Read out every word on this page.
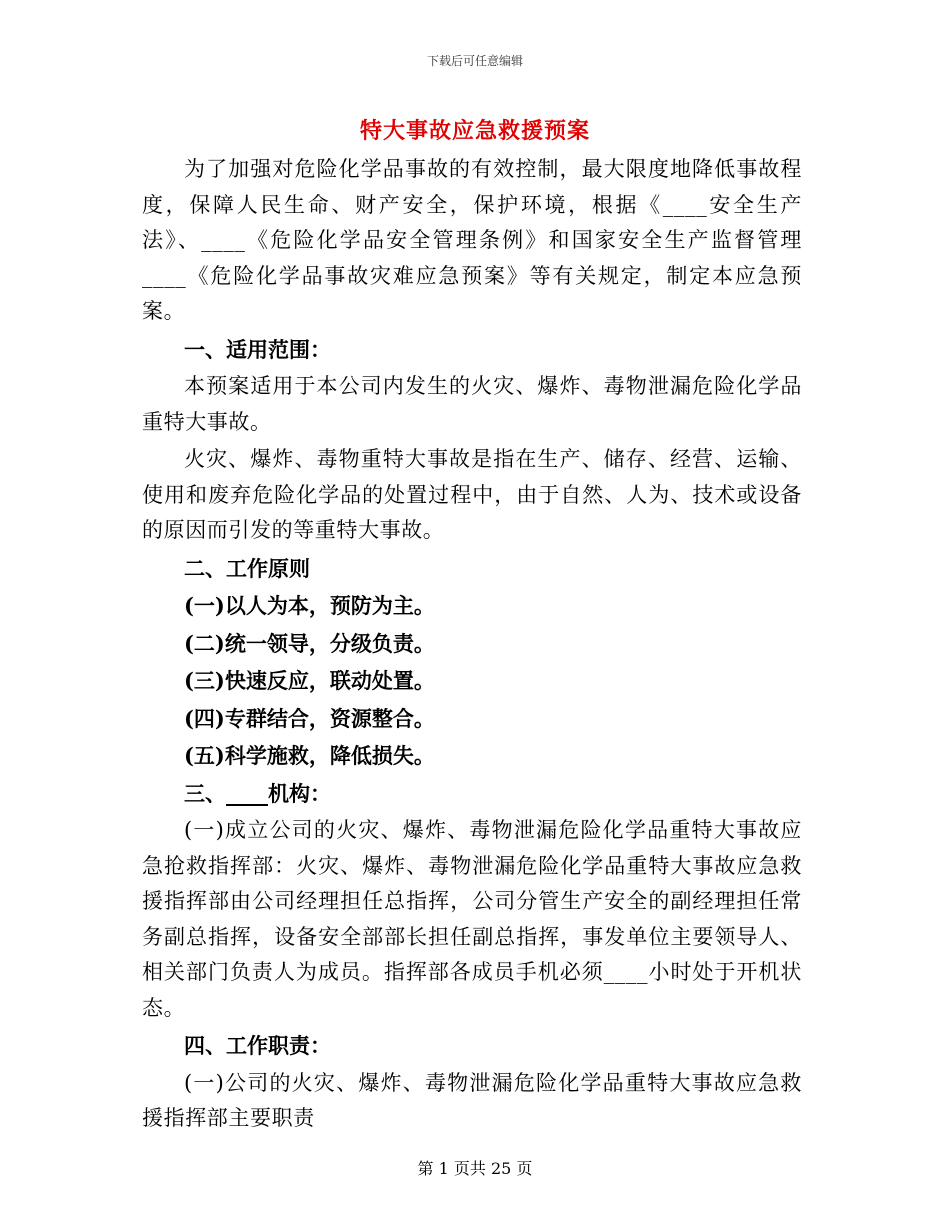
下载后可任意编辑
特大事故应急救援预案

为了加强对危险化学品事故的有效控制，最大限度地降低事故程度，保障人民生命、财产安全，保护环境，根据《____安全生产法》、____《危险化学品安全管理条例》和国家安全生产监督管理____《危险化学品事故灾难应急预案》等有关规定，制定本应急预案。

一、适用范围：

本预案适用于本公司内发生的火灾、爆炸、毒物泄漏危险化学品重特大事故。

火灾、爆炸、毒物重特大事故是指在生产、储存、经营、运输、使用和废弃危险化学品的处置过程中，由于自然、人为、技术或设备的原因而引发的等重特大事故。

二、工作原则

(一)以人为本，预防为主。

(二)统一领导，分级负责。

(三)快速反应，联动处置。

(四)专群结合，资源整合。

(五)科学施救，降低损失。

三、____机构：

(一)成立公司的火灾、爆炸、毒物泄漏危险化学品重特大事故应急抢救指挥部：火灾、爆炸、毒物泄漏危险化学品重特大事故应急救援指挥部由公司经理担任总指挥，公司分管生产安全的副经理担任常务副总指挥，设备安全部部长担任副总指挥，事发单位主要领导人、相关部门负责人为成员。指挥部各成员手机必须____小时处于开机状态。

四、工作职责：

(一)公司的火灾、爆炸、毒物泄漏危险化学品重特大事故应急救援指挥部主要职责

第 1 页共 25 页
